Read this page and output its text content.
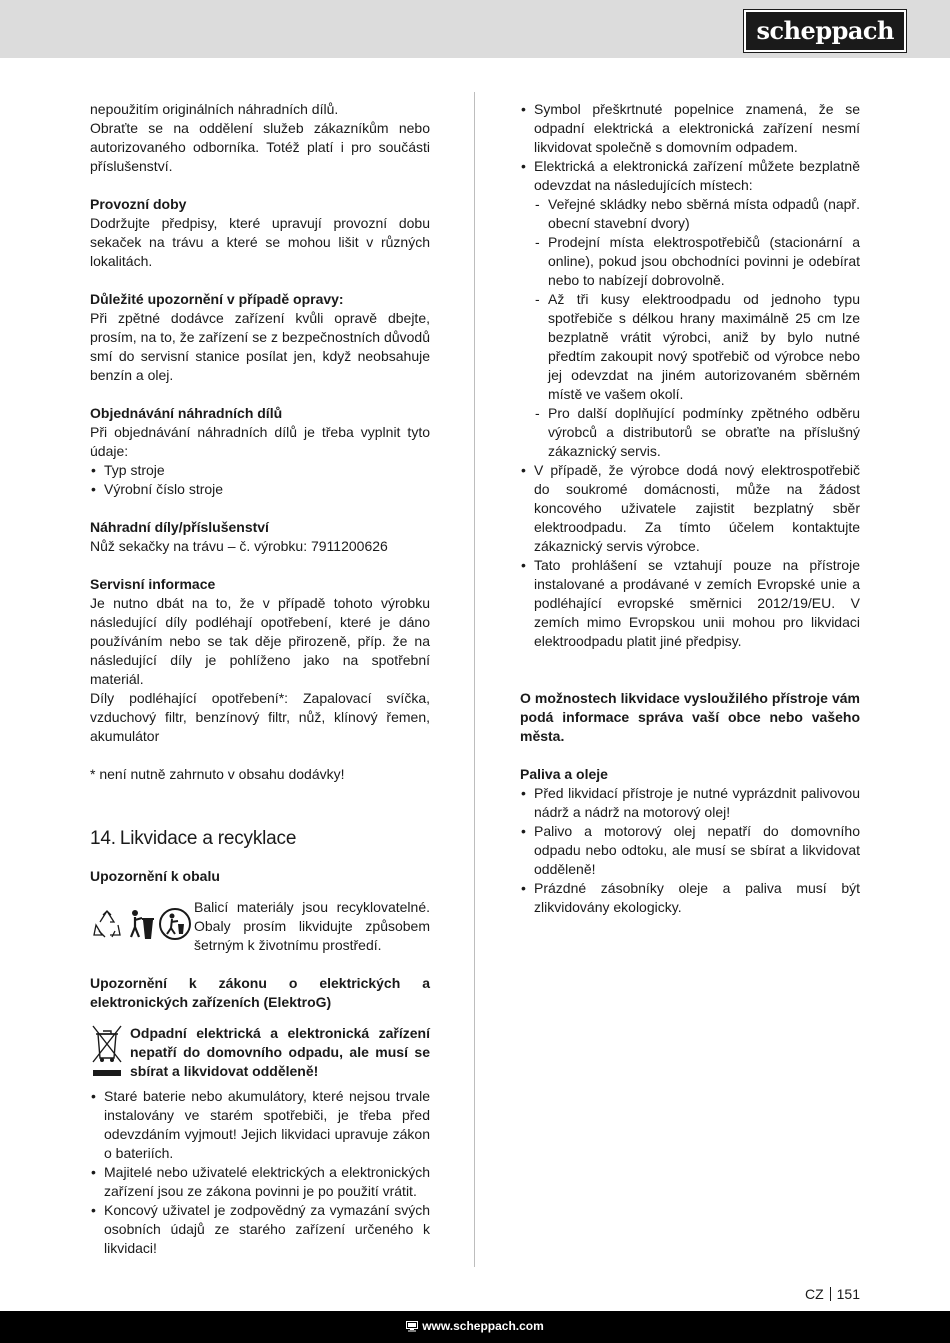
scheppach

nepoužitím originálních náhradních dílů.

Obraťte se na oddělení služeb zákazníkům nebo autorizovaného odborníka. Totéž platí i pro součásti příslušenství.

Provozní doby

Dodržujte předpisy, které upravují provozní dobu sekaček na trávu a které se mohou lišit v různých lokalitách.

Důležité upozornění v případě opravy:

Při zpětné dodávce zařízení kvůli opravě dbejte, prosím, na to, že zařízení se z bezpečnostních důvodů smí do servisní stanice posílat jen, když neobsahuje benzín a olej.

Objednávání náhradních dílů

Při objednávání náhradních dílů je třeba vyplnit tyto údaje:

• Typ stroje
• Výrobní číslo stroje

Náhradní díly/příslušenství

Nůž sekačky na trávu – č. výrobku: 7911200626

Servisní informace

Je nutno dbát na to, že v případě tohoto výrobku následující díly podléhají opotřebení, které je dáno používáním nebo se tak děje přirozeně, příp. že na následující díly je pohlíženo jako na spotřební materiál.

Díly podléhající opotřebení*: Zapalovací svíčka, vzduchový filtr, benzínový filtr, nůž, klínový řemen, akumulátor

* není nutně zahrnuto v obsahu dodávky!

14. Likvidace a recyklace

Upozornění k obalu

Balicí materiály jsou recyklovatelné. Obaly prosím likvidujte způsobem šetrným k životnímu prostředí.

Upozornění k zákonu o elektrických a elektronických zařízeních (ElektroG)

Odpadní elektrická a elektronická zařízení nepatří do domovního odpadu, ale musí se sbírat a likvidovat odděleně!

• Staré baterie nebo akumulátory, které nejsou trvale instalovány ve starém spotřebiči, je třeba před odevzdáním vyjmout! Jejich likvidaci upravuje zákon o bateriích.
• Majitelé nebo uživatelé elektrických a elektronických zařízení jsou ze zákona povinni je po použití vrátit.
• Koncový uživatel je zodpovědný za vymazání svých osobních údajů ze starého zařízení určeného k likvidaci!
• Symbol přeškrtnuté popelnice znamená, že se odpadní elektrická a elektronická zařízení nesmí likvidovat společně s domovním odpadem.
• Elektrická a elektronická zařízení můžete bezplatně odevzdat na následujících místech:
- Veřejné skládky nebo sběrná místa odpadů (např. obecní stavební dvory)
- Prodejní místa elektrospotřebičů (stacionární a online), pokud jsou obchodníci povinni je odebírat nebo to nabízejí dobrovolně.
- Až tři kusy elektroodpadu od jednoho typu spotřebiče s délkou hrany maximálně 25 cm lze bezplatně vrátit výrobci, aniž by bylo nutné předtím zakoupit nový spotřebič od výrobce nebo jej odevzdat na jiném autorizovaném sběrném místě ve vašem okolí.
- Pro další doplňující podmínky zpětného odběru výrobců a distributorů se obraťte na příslušný zákaznický servis.
• V případě, že výrobce dodá nový elektrospotřebič do soukromé domácnosti, může na žádost koncového uživatele zajistit bezplatný sběr elektroodpadu. Za tímto účelem kontaktujte zákaznický servis výrobce.
• Tato prohlášení se vztahují pouze na přístroje instalované a prodávané v zemích Evropské unie a podléhající evropské směrnici 2012/19/EU. V zemích mimo Evropskou unii mohou pro likvidaci elektroodpadu platit jiné předpisy.

O možnostech likvidace vysloužilého přístroje vám podá informace správa vaší obce nebo vašeho města.

Paliva a oleje

• Před likvidací přístroje je nutné vyprázdnit palivovou nádrž a nádrž na motorový olej!
• Palivo a motorový olej nepatří do domovního odpadu nebo odtoku, ale musí se sbírat a likvidovat odděleně!
• Prázdné zásobníky oleje a paliva musí být zlikvidovány ekologicky.
CZ 151
www.scheppach.com
